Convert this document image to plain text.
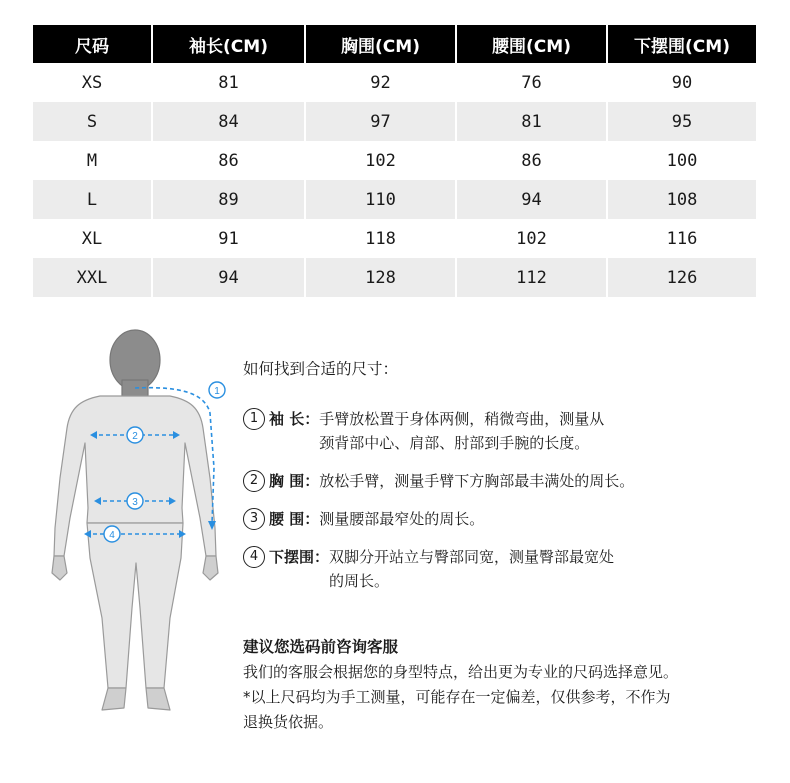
尺码	袖长(CM)	胸围(CM)	腰围(CM)	下摆围(CM)
XS	81	92	76	90
S	84	97	81	95
M	86	102	86	100
L	89	110	94	108
XL	91	118	102	116
XXL	94	128	112	126
1
2
3
4

如何找到合适的尺寸：

1 袖 长： 手臂放松置于身体两侧，稍微弯曲，测量从
颈背部中心、肩部、肘部到手腕的长度。
2 胸 围： 放松手臂，测量手臂下方胸部最丰满处的周长。
3 腰 围： 测量腰部最窄处的周长。
4 下摆围： 双脚分开站立与臀部同宽，测量臀部最宽处
的周长。

建议您选码前咨询客服

我们的客服会根据您的身型特点，给出更为专业的尺码选择意见。

*以上尺码均为手工测量，可能存在一定偏差，仅供参考，不作为

退换货依据。
